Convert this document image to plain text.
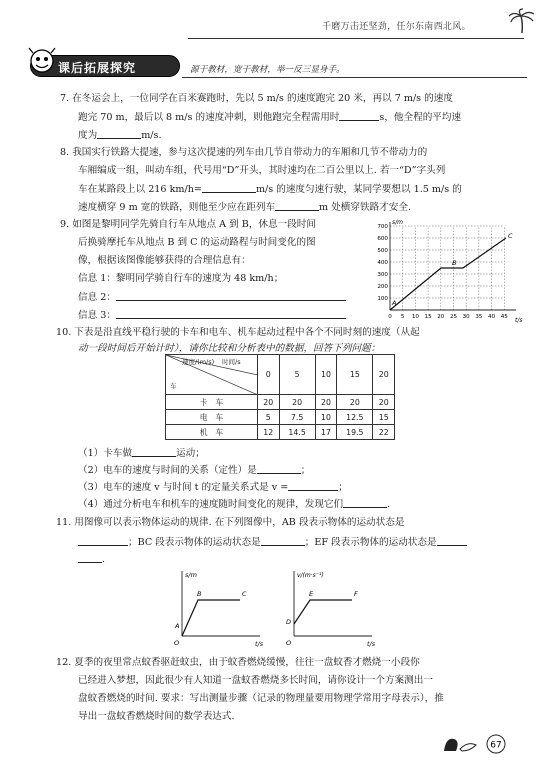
千磨万击还坚劲，任尔东南西北风。
课后拓展探究	源于教材，宽于教材，举一反三显身手。
7. 在冬运会上，一位同学在百米赛跑时，先以 5 m/s 的速度跑完 20 米，再以 7 m/s 的速度
跑完 70 m，最后以 8 m/s 的速度冲刺，则他跑完全程需用时	s，他全程的平均速
度为	m/s.
8. 我国实行铁路大提速，参与这次提速的列车由几节自带动力的车厢和几节不带动力的
车厢编成一组，叫动车组，代号用“D”开头，其时速均在二百公里以上. 若一“D”字头列
车在某路段上以 216 km/h=	m/s 的速度匀速行驶，某同学要想以 1.5 m/s 的
速度横穿 9 m 宽的铁路，则他至少应在距列车	m 处横穿铁路才安全.
9. 如图是黎明同学先骑自行车从地点 A 到 B，休息一段时间
后换骑摩托车从地点 B 到 C 的运动路程与时间变化的图
像，根据该图像能够获得的合理信息有：
信息 1：黎明同学骑自行车的速度为 48 km/h；
信息 2：
信息 3：
700
600
500
400
300
200
100
0 5 10 15 20 25 30 35 40 45
s/m
t/s
A
B
C
10. 下表是沿直线平稳行驶的卡车和电车、机车起动过程中各个不同时刻的速度（从起
动一段时间后开始计时），请你比较和分析表中的数据，回答下列问题：
速度/(m/s) 时间/s
车	0	5	10	15	20
卡　车	20	20	20	20	20
电　车	5	7.5	10	12.5	15
机　车	12	14.5	17	19.5	22
（1）卡车做	运动；
（2）电车的速度与时间的关系（定性）是	；
（3）电车的速度 v 与时间 t 的定量关系式是 v =	；
（4）通过分析电车和机车的速度随时间变化的规律，发现它们	.
11. 用图像可以表示物体运动的规律. 在下列图像中，AB 段表示物体的运动状态是
；BC 段表示物体的运动状态是	；EF 段表示物体的运动状态是
.
s/m
t/s
O
A
B	C
v/(m·s⁻¹)
t/s
O
D
E	F
12. 夏季的夜里常点蚊香驱赶蚊虫，由于蚊香燃烧缓慢，往往一盘蚊香才燃烧一小段你
已经进入梦想，因此很少有人知道一盘蚊香燃烧多长时间，请你设计一个方案测出一
盘蚊香燃烧的时间. 要求：写出测量步骤（记录的物理量要用物理学常用字母表示），推
导出一盘蚊香燃烧时间的数学表达式.
67
